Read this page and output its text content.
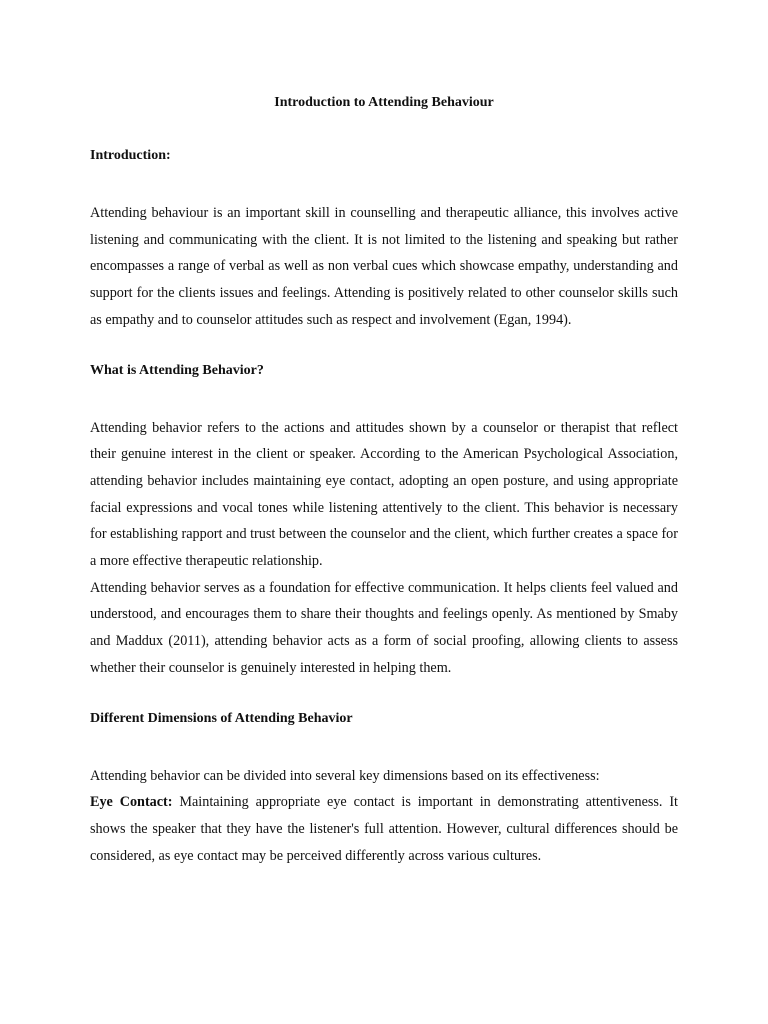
Introduction to Attending Behaviour

Introduction:

Attending behaviour is an important skill in counselling and therapeutic alliance, this involves active listening and communicating with the client. It is not limited to the listening and speaking but rather encompasses a range of verbal as well as non verbal cues which showcase empathy, understanding and support for the clients issues and feelings. Attending is positively related to other counselor skills such as empathy and to counselor attitudes such as respect and involvement (Egan, 1994).

What is Attending Behavior?

Attending behavior refers to the actions and attitudes shown by a counselor or therapist that reflect their genuine interest in the client or speaker. According to the American Psychological Association, attending behavior includes maintaining eye contact, adopting an open posture, and using appropriate facial expressions and vocal tones while listening attentively to the client. This behavior is necessary for establishing rapport and trust between the counselor and the client, which further creates a space for a more effective therapeutic relationship.

Attending behavior serves as a foundation for effective communication. It helps clients feel valued and understood, and encourages them to share their thoughts and feelings openly. As mentioned by Smaby and Maddux (2011), attending behavior acts as a form of social proofing, allowing clients to assess whether their counselor is genuinely interested in helping them.

Different Dimensions of Attending Behavior

Attending behavior can be divided into several key dimensions based on its effectiveness:

Eye Contact: Maintaining appropriate eye contact is important in demonstrating attentiveness. It shows the speaker that they have the listener's full attention. However, cultural differences should be considered, as eye contact may be perceived differently across various cultures.
